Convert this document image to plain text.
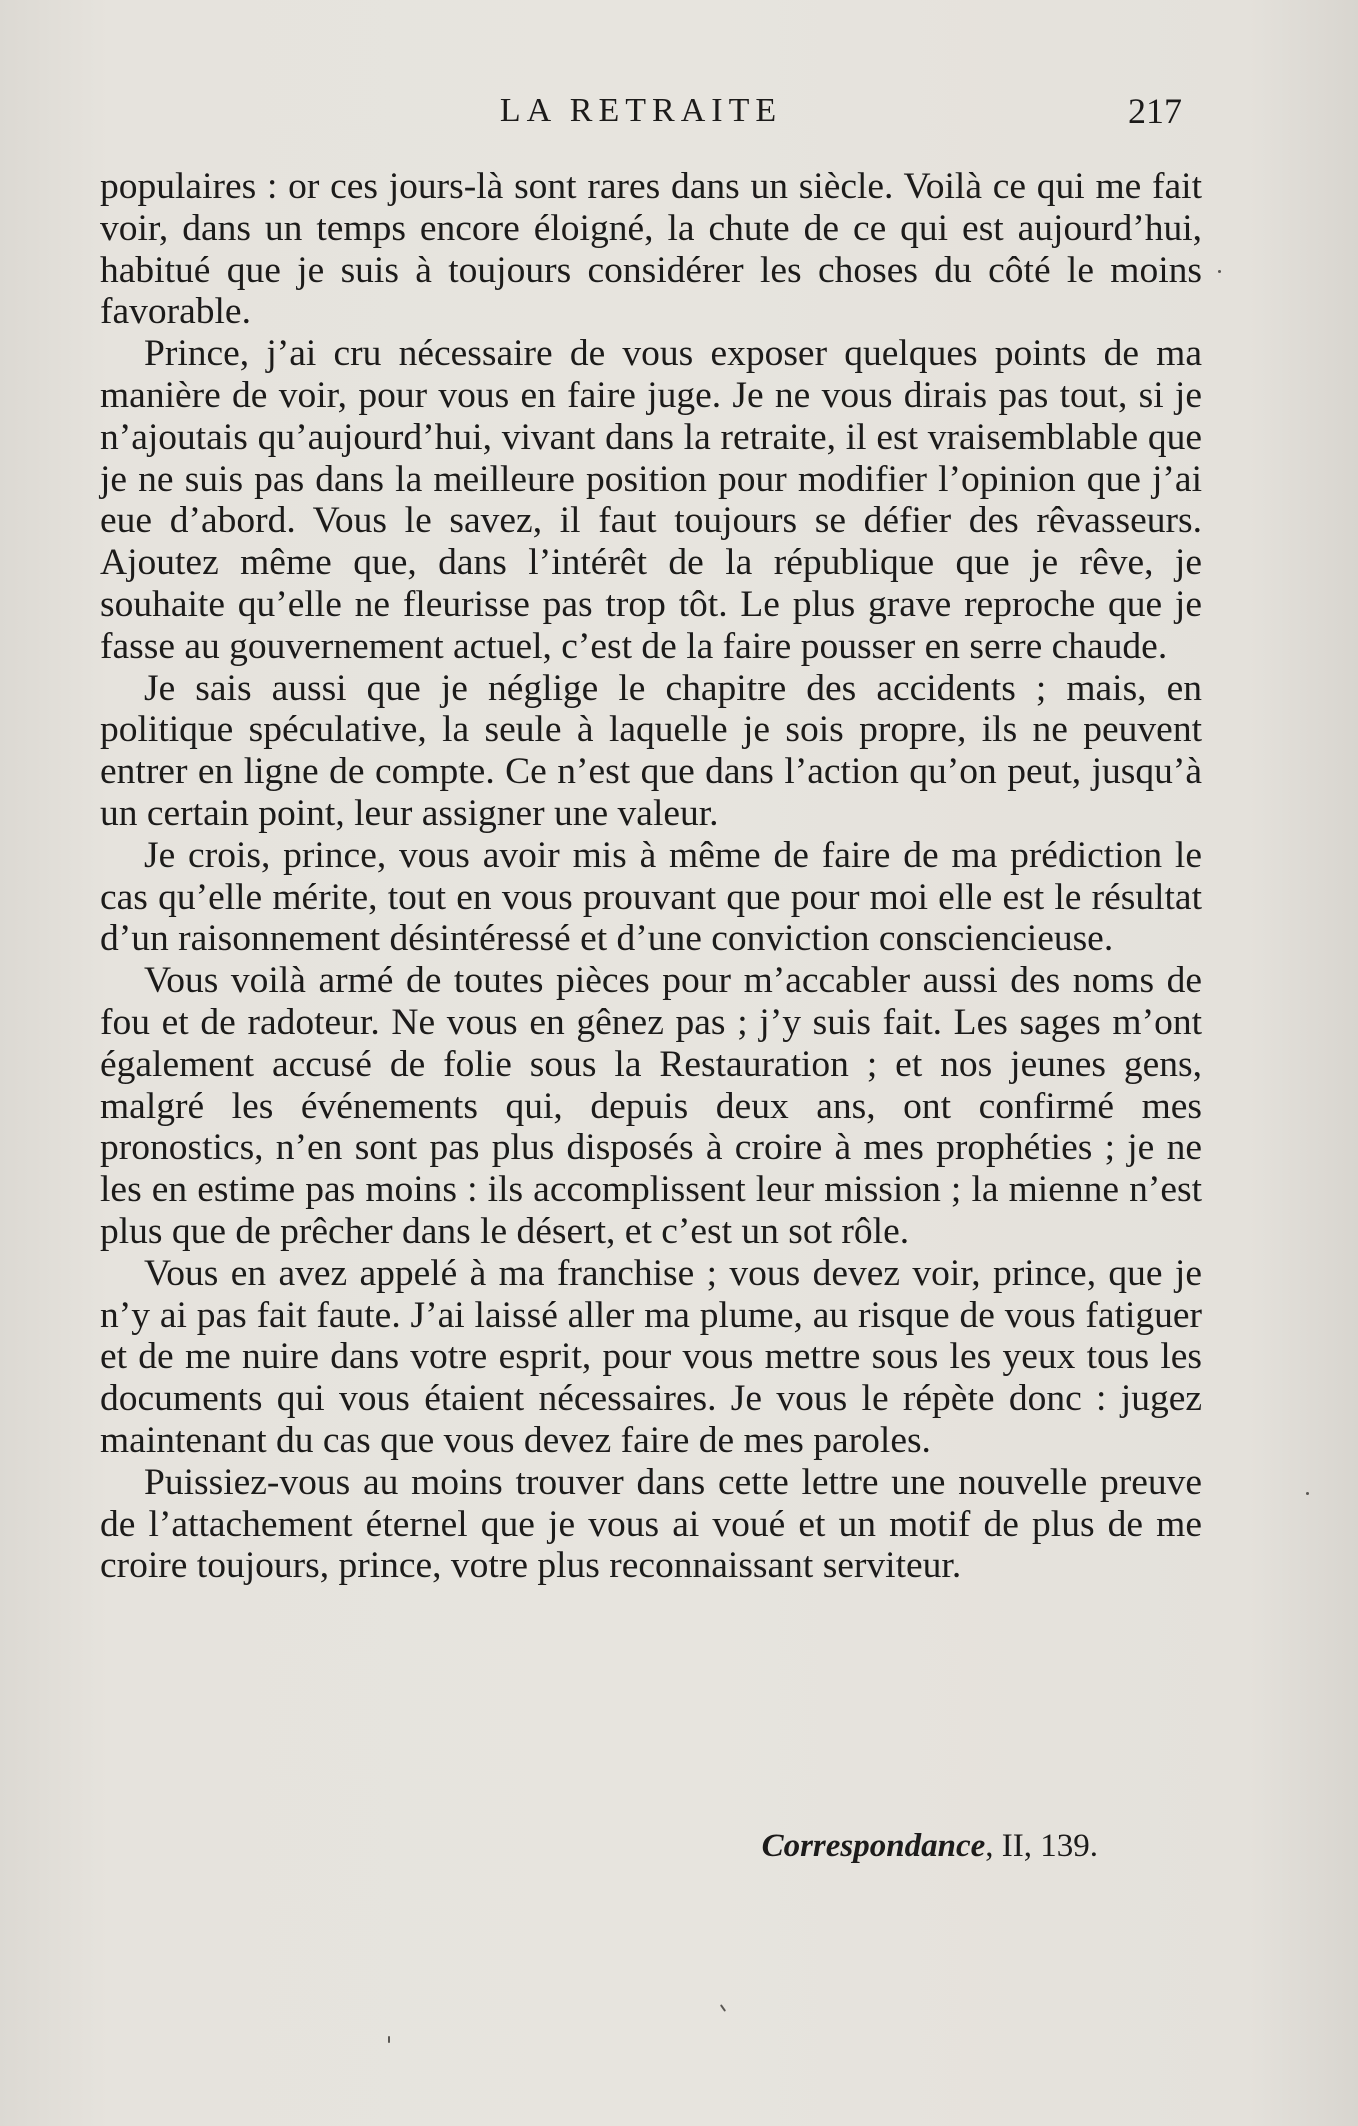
LA RETRAITE	217

populaires : or ces jours-là sont rares dans un siècle. Voilà ce qui me fait voir, dans un temps encore éloigné, la chute de ce qui est aujourd’hui, habitué que je suis à toujours considérer les choses du côté le moins favorable.

Prince, j’ai cru nécessaire de vous exposer quelques points de ma manière de voir, pour vous en faire juge. Je ne vous dirais pas tout, si je n’ajoutais qu’aujourd’hui, vivant dans la retraite, il est vraisemblable que je ne suis pas dans la meilleure position pour modifier l’opinion que j’ai eue d’abord. Vous le savez, il faut toujours se défier des rêvasseurs. Ajoutez même que, dans l’intérêt de la république que je rêve, je souhaite qu’elle ne fleurisse pas trop tôt. Le plus grave reproche que je fasse au gouvernement actuel, c’est de la faire pousser en serre chaude.

Je sais aussi que je néglige le chapitre des accidents ; mais, en politique spéculative, la seule à laquelle je sois propre, ils ne peuvent entrer en ligne de compte. Ce n’est que dans l’action qu’on peut, jusqu’à un certain point, leur assigner une valeur.

Je crois, prince, vous avoir mis à même de faire de ma prédiction le cas qu’elle mérite, tout en vous prouvant que pour moi elle est le résultat d’un raisonnement désintéressé et d’une conviction consciencieuse.

Vous voilà armé de toutes pièces pour m’accabler aussi des noms de fou et de radoteur. Ne vous en gênez pas ; j’y suis fait. Les sages m’ont également accusé de folie sous la Restauration ; et nos jeunes gens, malgré les événements qui, depuis deux ans, ont confirmé mes pronostics, n’en sont pas plus disposés à croire à mes prophéties ; je ne les en estime pas moins : ils accomplissent leur mission ; la mienne n’est plus que de prêcher dans le désert, et c’est un sot rôle.

Vous en avez appelé à ma franchise ; vous devez voir, prince, que je n’y ai pas fait faute. J’ai laissé aller ma plume, au risque de vous fatiguer et de me nuire dans votre esprit, pour vous mettre sous les yeux tous les documents qui vous étaient nécessaires. Je vous le répète donc : jugez maintenant du cas que vous devez faire de mes paroles.

Puissiez-vous au moins trouver dans cette lettre une nouvelle preuve de l’attachement éternel que je vous ai voué et un motif de plus de me croire toujours, prince, votre plus reconnaissant serviteur.

Correspondance, II, 139.
